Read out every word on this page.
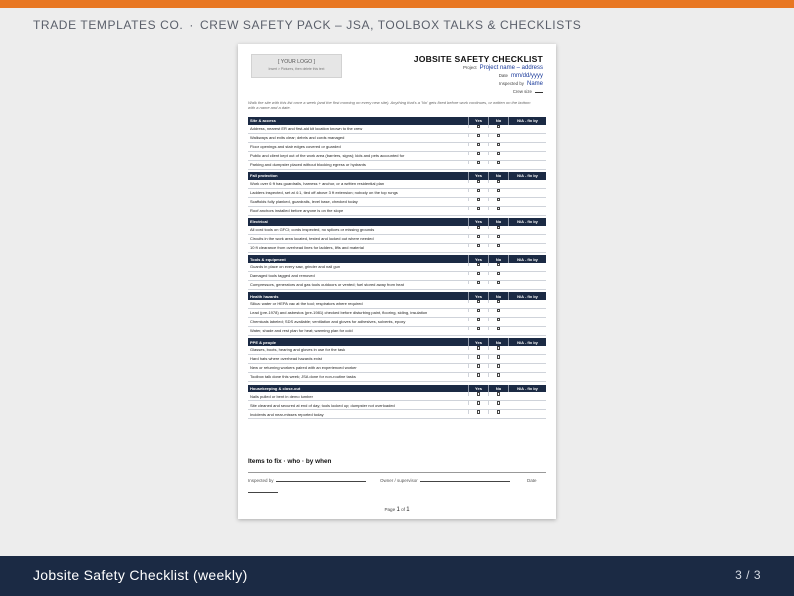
TRADE TEMPLATES CO. · CREW SAFETY PACK – JSA, TOOLBOX TALKS & CHECKLISTS
[ YOUR LOGO ]
Insert > Pictures, then delete this text
JOBSITE SAFETY CHECKLIST
Project Project name – address
Date mm/dd/yyyy
Inspected by Name
Crew size
Walk the site with this list once a week (and the first morning on every new site). Anything that's a 'No' gets fixed before work continues, or written on the bottom with a name and a date.
Site & access	Yes	No	N/A - fix by
Address, nearest ER and first-aid kit location known to the crew
Walkways and exits clear; debris and cords managed
Floor openings and stair edges covered or guarded
Public and client kept out of the work area (barriers, signs); kids and pets accounted for
Parking and dumpster placed without blocking egress or hydrants
Fall protection	Yes	No	N/A - fix by
Work over 6 ft has guardrails, harness + anchor, or a written residential plan
Ladders inspected, set at 4:1, tied off above 3 ft extension; nobody on the top rungs
Scaffolds fully planked, guardrails, level base, checked today
Roof anchors installed before anyone is on the slope
Electrical	Yes	No	N/A - fix by
All cord tools on GFCI; cords inspected, no splices or missing grounds
Circuits in the work area located, tested and locked out where needed
10 ft clearance from overhead lines for ladders, lifts and material
Tools & equipment	Yes	No	N/A - fix by
Guards in place on every saw, grinder and nail gun
Damaged tools tagged and removed
Compressors, generators and gas tools outdoors or vented; fuel stored away from heat
Health hazards	Yes	No	N/A - fix by
Silica: water or HEPA vac at the tool; respirators where required
Lead (pre-1978) and asbestos (pre-1981) checked before disturbing paint, flooring, siding, insulation
Chemicals labeled; SDS available; ventilation and gloves for adhesives, solvents, epoxy
Water, shade and rest plan for heat; warming plan for cold
PPE & people	Yes	No	N/A - fix by
Glasses, boots, hearing and gloves in use for the task
Hard hats where overhead hazards exist
New or returning workers paired with an experienced worker
Toolbox talk done this week; JSA done for non-routine tasks
Housekeeping & close-out	Yes	No	N/A - fix by
Nails pulled or bent in demo lumber
Site cleaned and secured at end of day; tools locked up; dumpster not overloaded
Incidents and near-misses reported today
Items to fix · who · by when
Inspected by	Owner / supervisor	Date
Page 1 of 1
Jobsite Safety Checklist (weekly)	3 / 3
